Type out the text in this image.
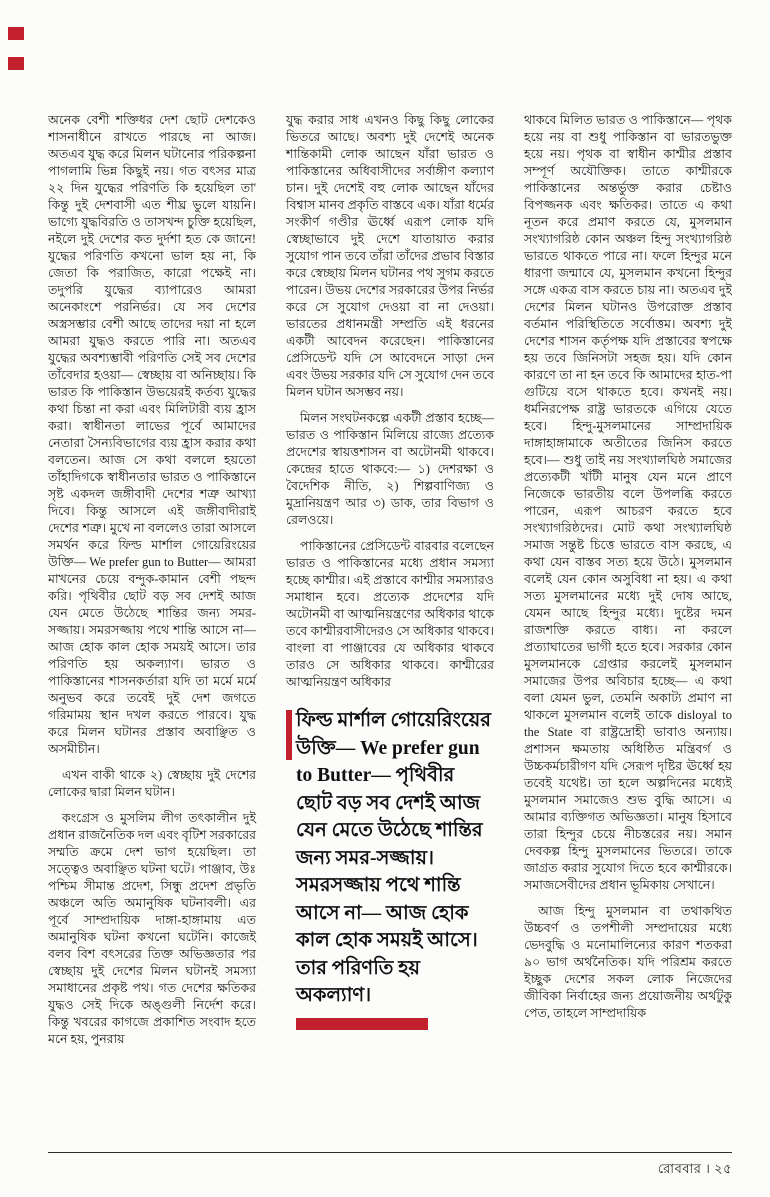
অনেক বেশী শক্তিধর দেশ ছোট দেশকেও শাসনাধীনে রাখতে পারছে না আজ। অতএব যুদ্ধ করে মিলন ঘটানোর পরিকল্পনা পাগলামি ভিন্ন কিছুই নয়। গত বৎসর মাত্র ২২ দিন যুদ্ধের পরিণতি কি হয়েছিল তা' কিন্তু দুই দেশবাসী এত শীঘ্র ভুলে যায়নি। ভাগ্যে যুদ্ধবিরতি ও তাসখন্দ চুক্তি হয়েছিল, নইলে দুই দেশের কত দুর্দশা হত কে জানে! যুদ্ধের পরিণতি কখনো ভাল হয় না, কি জেতা কি পরাজিত, কারো পক্ষেই না। তদুপরি যুদ্ধের ব্যাপারেও আমরা অনেকাংশে পরনির্ভর। যে সব দেশের অস্ত্রসম্ভার বেশী আছে তাদের দয়া না হলে আমরা যুদ্ধও করতে পারি না। অতএব যুদ্ধের অবশ্যম্ভাবী পরিণতি সেই সব দেশের তাঁবেদার হওয়া— স্বেচ্ছায় বা অনিচ্ছায়। কি ভারত কি পাকিস্তান উভয়েরই কর্তব্য যুদ্ধের কথা চিন্তা না করা এবং মিলিটারী ব্যয় হ্রাস করা। স্বাধীনতা লাভের পূর্বে আমাদের নেতারা সৈন্যবিভাগের ব্যয় হ্রাস করার কথা বলতেন। আজ সে কথা বললে হয়তো তাঁহাদিগকে স্বাধীনতার ভারত ও পাকিস্তানে সৃষ্ট একদল জঙ্গীবাদী দেশের শত্রু আখ্যা দিবে। কিন্তু আসলে এই জঙ্গীবাদীরাই দেশের শত্রু। মুখে না বললেও তারা আসলে সমর্থন করে ফিল্ড মার্শাল গোয়েরিংয়ের উক্তি— We prefer gun to Butter— আমরা মাখনের চেয়ে বন্দুক-কামান বেশী পছন্দ করি। পৃথিবীর ছোট বড় সব দেশই আজ যেন মেতে উঠেছে শান্তির জন্য সমর-সজ্জায়। সমরসজ্জায় পথে শান্তি আসে না— আজ হোক কাল হোক সময়ই আসে। তার পরিণতি হয় অকল্যাণ। ভারত ও পাকিস্তানের শাসনকর্তারা যদি তা মর্মে মর্মে অনুভব করে তবেই দুই দেশ জগতে গরিমাময় স্থান দখল করতে পারবে। যুদ্ধ করে মিলন ঘটানর প্রস্তাব অবাঞ্ছিত ও অসমীচীন।

এখন বাকী থাকে ২) স্বেচ্ছায় দুই দেশের লোকের দ্বারা মিলন ঘটান।

কংগ্রেস ও মুসলিম লীগ তৎকালীন দুই প্রধান রাজনৈতিক দল এবং বৃটিশ সরকারের সম্মতি ক্রমে দেশ ভাগ হয়েছিল। তা সত্ত্বেও অবাঞ্ছিত ঘটনা ঘটে। পাঞ্জাব, উঃ পশ্চিম সীমান্ত প্রদেশ, সিন্ধু প্রদেশ প্রভৃতি অঞ্চলে অতি অমানুষিক ঘটনাবলী। এর পূর্বে সাম্প্রদায়িক দাঙ্গা-হাঙ্গামায় এত অমানুষিক ঘটনা কখনো ঘটেনি। কাজেই বলব বিশ বৎসরের তিক্ত অভিজ্ঞতার পর স্বেচ্ছায় দুই দেশের মিলন ঘটানই সমস্যা সমাধানের প্রকৃষ্ট পথ। গত দেশের ক্ষতিকর যুদ্ধও সেই দিকে অঙ্গুলী নির্দেশ করে। কিন্তু খবরের কাগজে প্রকাশিত সংবাদ হতে মনে হয়, পুনরায়

যুদ্ধ করার সাধ এখনও কিছু কিছু লোকের ভিতরে আছে। অবশ্য দুই দেশেই অনেক শান্তিকামী লোক আছেন যাঁরা ভারত ও পাকিস্তানের অধিবাসীদের সর্বাঙ্গীণ কল্যাণ চান। দুই দেশেই বহু লোক আছেন যাঁদের বিশ্বাস মানব প্রকৃতি বাস্তবে এক। যাঁরা ধর্মের সংকীর্ণ গণ্ডীর ঊর্ধ্বে এরূপ লোক যদি স্বেচ্ছাভাবে দুই দেশে যাতায়াত করার সুযোগ পান তবে তাঁরা তাঁদের প্রভাব বিস্তার করে স্বেচ্ছায় মিলন ঘটানর পথ সুগম করতে পারেন। উভয় দেশের সরকারের উপর নির্ভর করে সে সুযোগ দেওয়া বা না দেওয়া। ভারতের প্রধানমন্ত্রী সম্প্রতি এই ধরনের একটী আবেদন করেছেন। পাকিস্তানের প্রেসিডেন্ট যদি সে আবেদনে সাড়া দেন এবং উভয় সরকার যদি সে সুযোগ দেন তবে মিলন ঘটান অসম্ভব নয়।

মিলন সংঘটনকল্পে একটী প্রস্তাব হচ্ছে— ভারত ও পাকিস্তান মিলিয়ে রাজ্যে প্রত্যেক প্রদেশের স্বায়ত্তশাসন বা অটোনমী থাকবে। কেন্দ্রের হাতে থাকবে:— ১) দেশরক্ষা ও বৈদেশিক নীতি, ২) শিল্পবাণিজ্য ও মুদ্রানিয়ন্ত্রণ আর ৩) ডাক, তার বিভাগ ও রেলওয়ে।

পাকিস্তানের প্রেসিডেন্ট বারবার বলেছেন ভারত ও পাকিস্তানের মধ্যে প্রধান সমস্যা হচ্ছে কাশ্মীর। এই প্রস্তাবে কাশ্মীর সমস্যারও সমাধান হবে। প্রত্যেক প্রদেশের যদি অটোনমী বা আত্মনিয়ন্ত্রণের অধিকার থাকে তবে কাশ্মীরবাসীদেরও সে অধিকার থাকবে। বাংলা বা পাঞ্জাবের যে অধিকার থাকবে তারও সে অধিকার থাকবে। কাশ্মীরের আত্মনিয়ন্ত্রণ অধিকার

ফিল্ড মার্শাল গোয়েরিংয়ের উক্তি— We prefer gun to Butter— পৃথিবীর ছোট বড় সব দেশই আজ যেন মেতে উঠেছে শান্তির জন্য সমর-সজ্জায়। সমরসজ্জায় পথে শান্তি আসে না— আজ হোক কাল হোক সময়ই আসে। তার পরিণতি হয় অকল্যাণ।

থাকবে মিলিত ভারত ও পাকিস্তানে— পৃথক হয়ে নয় বা শুধু পাকিস্তান বা ভারতভুক্ত হয়ে নয়। পৃথক বা স্বাধীন কাশ্মীর প্রস্তাব সম্পূর্ণ অযৌক্তিক। তাতে কাশ্মীরকে পাকিস্তানের অন্তর্ভুক্ত করার চেষ্টাও বিপজ্জনক এবং ক্ষতিকর। তাতে এ কথা নূতন করে প্রমাণ করতে যে, মুসলমান সংখ্যাগরিষ্ঠ কোন অঞ্চল হিন্দু সংখ্যাগরিষ্ঠ ভারতে থাকতে পারে না। ফলে হিন্দুর মনে ধারণা জন্মাবে যে, মুসলমান কখনো হিন্দুর সঙ্গে একত্র বাস করতে চায় না। অতএব দুই দেশের মিলন ঘটানও উপরোক্ত প্রস্তাব বর্তমান পরিস্থিতিতে সর্বোত্তম। অবশ্য দুই দেশের শাসন কর্তৃপক্ষ যদি প্রস্তাবের স্বপক্ষে হয় তবে জিনিসটা সহজ হয়। যদি কোন কারণে তা না হন তবে কি আমাদের হাত-পা গুটিয়ে বসে থাকতে হবে। কখনই নয়। ধর্মনিরপেক্ষ রাষ্ট্র ভারতকে এগিয়ে যেতে হবে। হিন্দু-মুসলমানের সাম্প্রদায়িক দাঙ্গাহাঙ্গামাকে অতীতের জিনিস করতে হবে।— শুধু তাই নয় সংখ্যালঘিষ্ঠ সমাজের প্রত্যেকটী খাঁটী মানুষ যেন মনে প্রাণে নিজেকে ভারতীয় বলে উপলব্ধি করতে পারেন, এরূপ আচরণ করতে হবে সংখ্যাগরিষ্ঠদের। মোট কথা সংখ্যালঘিষ্ঠ সমাজ সন্তুষ্ট চিত্তে ভারতে বাস করছে, এ কথা যেন বাস্তব সত্য হয়ে উঠে। মুসলমান বলেই যেন কোন অসুবিধা না হয়। এ কথা সত্য মুসলমানের মধ্যে দুই দোষ আছে, যেমন আছে হিন্দুর মধ্যে। দুষ্টের দমন রাজশক্তি করতে বাধ্য। না করলে প্রত্যাঘাতের ভাগী হতে হবে। সরকার কোন মুসলমানকে গ্রেপ্তার করলেই মুসলমান সমাজের উপর অবিচার হচ্ছে— এ কথা বলা যেমন ভুল, তেমনি অকাট্য প্রমাণ না থাকলে মুসলমান বলেই তাকে disloyal to the State বা রাষ্ট্রদ্রোহী ভাবাও অন্যায়। প্রশাসন ক্ষমতায় অধিষ্ঠিত মন্ত্রিবর্গ ও উচ্চকর্মচারীগণ যদি সেরূপ দৃষ্টির ঊর্ধ্বে হয় তবেই যথেষ্ট। তা হলে অল্পদিনের মধ্যেই মুসলমান সমাজেও শুভ বুদ্ধি আসে। এ আমার ব্যক্তিগত অভিজ্ঞতা। মানুষ হিসাবে তারা হিন্দুর চেয়ে নীচস্তরের নয়। সমান দেবকল্প হিন্দু মুসলমানের ভিতরে। তাকে জাগ্রত করার সুযোগ দিতে হবে কাশ্মীরকে। সমাজসেবীদের প্রধান ভূমিকায় সেখানে।

আজ হিন্দু মুসলমান বা তথাকথিত উচ্চবর্ণ ও তপশীলী সম্প্রদায়ের মধ্যে ভেদবুদ্ধি ও মনোমালিন্যের কারণ শতকরা ৯০ ভাগ অর্থনৈতিক। যদি পরিশ্রম করতে ইচ্ছুক দেশের সকল লোক নিজেদের জীবিকা নির্বাহের জন্য প্রয়োজনীয় অর্থটুকু পেত, তাহলে সাম্প্রদায়িক

রোববার । ২৫
